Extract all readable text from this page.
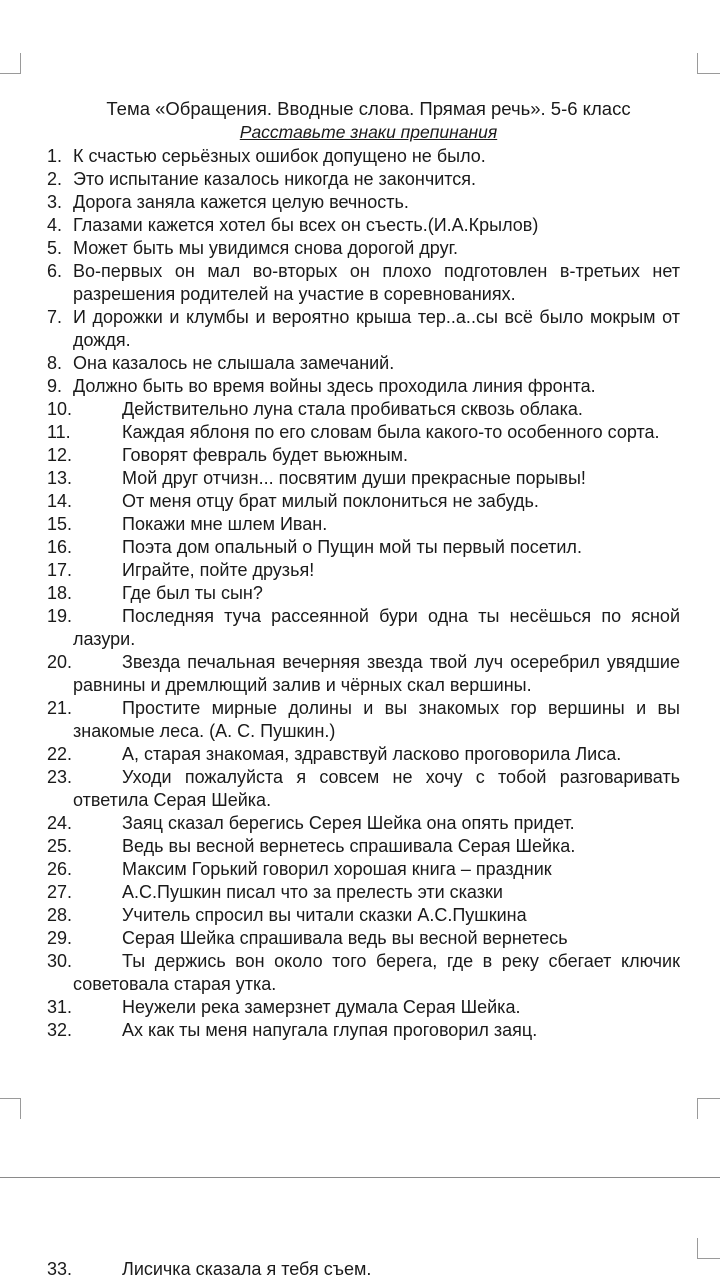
Тема «Обращения. Вводные слова. Прямая речь». 5-6 класс
Расставьте знаки препинания
1. К счастью серьёзных ошибок допущено не было.
2. Это испытание казалось никогда не закончится.
3. Дорога заняла кажется целую вечность.
4. Глазами кажется хотел бы всех он съесть.(И.А.Крылов)
5. Может быть мы увидимся снова дорогой друг.
6. Во-первых он мал во-вторых он плохо подготовлен в-третьих нет разрешения родителей на участие в соревнованиях.
7. И дорожки и клумбы и вероятно крыша тер..а..сы всё было мокрым от дождя.
8. Она казалось не слышала замечаний.
9. Должно быть во время войны здесь проходила линия фронта.
10.	Действительно луна стала пробиваться сквозь облака.
11.	Каждая яблоня по его словам была какого-то особенного сорта.
12.	Говорят февраль будет вьюжным.
13.	Мой друг отчизн... посвятим души прекрасные порывы!
14.	От меня отцу брат милый поклониться не забудь.
15.	Покажи мне шлем Иван.
16.	Поэта дом опальный о Пущин мой ты первый посетил.
17.	Играйте, пойте друзья!
18.	Где был ты сын?
19.	Последняя туча рассеянной бури одна ты несёшься по ясной лазури.
20.	Звезда печальная вечерняя звезда твой луч осеребрил увядшие равнины и дремлющий залив и чёрных скал вершины.
21.	Простите мирные долины и вы знакомых гор вершины и вы знакомые леса. (А. С. Пушкин.)
22.	А, старая знакомая, здравствуй ласково проговорила Лиса.
23.	Уходи пожалуйста я совсем не хочу с тобой разговаривать ответила Серая Шейка.
24.	Заяц сказал берегись Серея Шейка она опять придет.
25.	Ведь вы весной вернетесь спрашивала Серая Шейка.
26.	Максим Горький говорил хорошая книга – праздник
27.	А.С.Пушкин писал что за прелесть эти сказки
28.	Учитель спросил вы читали сказки А.С.Пушкина
29.	Серая Шейка спрашивала ведь вы весной вернетесь
30.	Ты держись вон около того берега, где в реку сбегает ключик советовала старая утка.
31.	Неужели река замерзнет думала Серая Шейка.
32.	Ах как ты меня напугала глупая проговорил заяц.
33.	Лисичка сказала я тебя съем.
